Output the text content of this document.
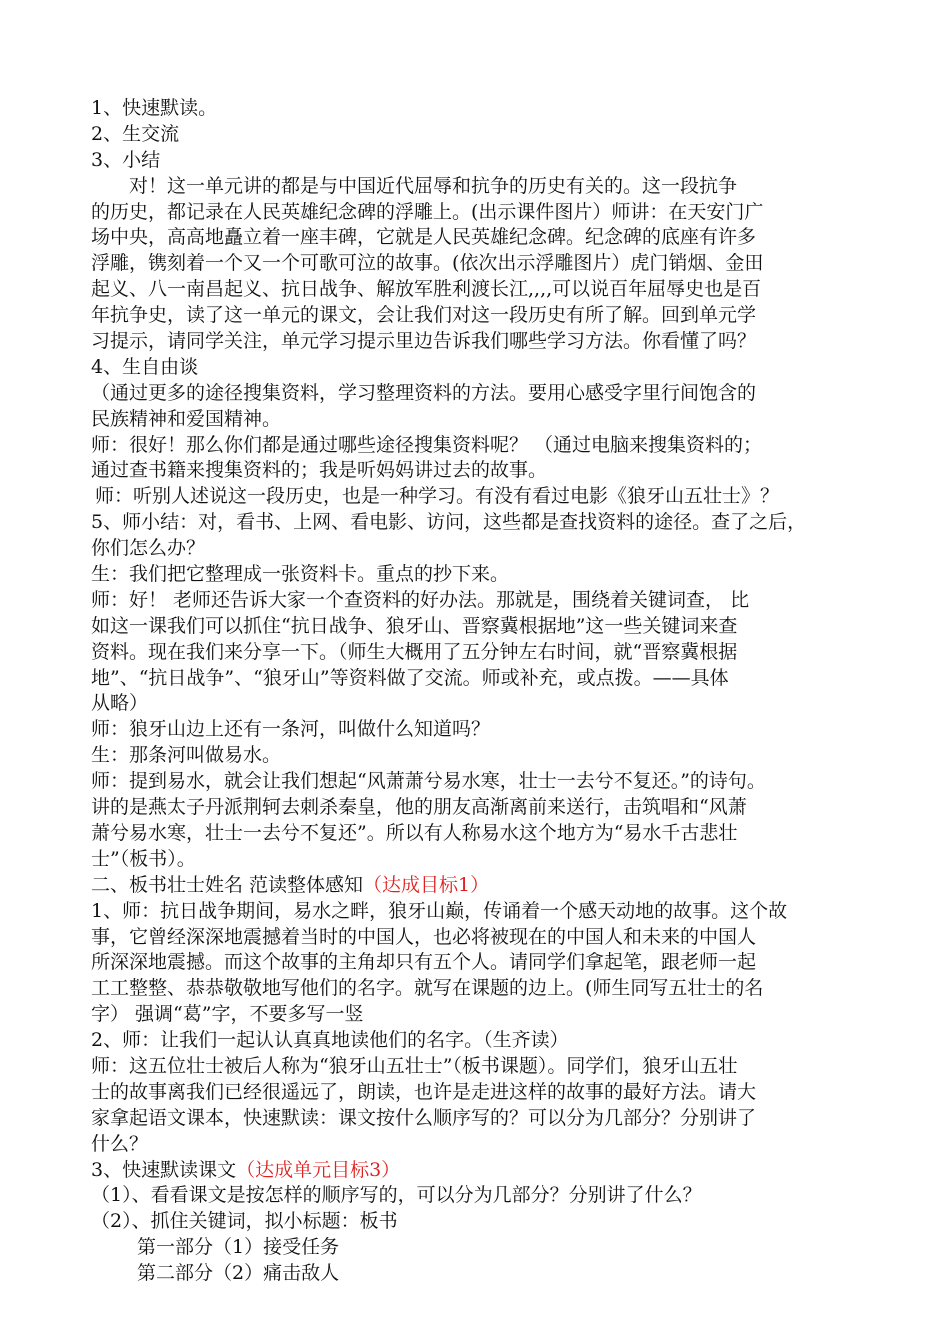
1、快速默读。
2、生交流
3、小结
对！这一单元讲的都是与中国近代屈辱和抗争的历史有关的。这一段抗争
的历史，都记录在人民英雄纪念碑的浮雕上。(出示课件图片）师讲：在天安门广
场中央，高高地矗立着一座丰碑，它就是人民英雄纪念碑。纪念碑的底座有许多
浮雕，镌刻着一个又一个可歌可泣的故事。(依次出示浮雕图片）虎门销烟、金田
起义、八一南昌起义、抗日战争、解放军胜利渡长江,,,,可以说百年屈辱史也是百
年抗争史，读了这一单元的课文，会让我们对这一段历史有所了解。回到单元学
习提示，请同学关注，单元学习提示里边告诉我们哪些学习方法。你看懂了吗？
4、生自由谈
（通过更多的途径搜集资料，学习整理资料的方法。要用心感受字里行间饱含的
民族精神和爱国精神。
师：很好！那么你们都是通过哪些途径搜集资料呢？ （通过电脑来搜集资料的；
通过查书籍来搜集资料的；我是听妈妈讲过去的故事。
师：听别人述说这一段历史，也是一种学习。有没有看过电影《狼牙山五壮士》？
5、师小结：对，看书、上网、看电影、访问，这些都是查找资料的途径。查了之后，
你们怎么办？
生：我们把它整理成一张资料卡。重点的抄下来。
师：好！ 老师还告诉大家一个查资料的好办法。那就是，围绕着关键词查， 比
如这一课我们可以抓住“抗日战争、狼牙山、晋察冀根据地”这一些关键词来查
资料。现在我们来分享一下。（师生大概用了五分钟左右时间，就“晋察冀根据
地”、“抗日战争”、“狼牙山”等资料做了交流。师或补充，或点拨。——具体
从略）
师：狼牙山边上还有一条河，叫做什么知道吗？
生：那条河叫做易水。
师：提到易水，就会让我们想起“风萧萧兮易水寒，壮士一去兮不复还。”的诗句。
讲的是燕太子丹派荆轲去刺杀秦皇，他的朋友高渐离前来送行，击筑唱和“风萧
萧兮易水寒，壮士一去兮不复还”。所以有人称易水这个地方为“易水千古悲壮
士”（板书）。
二、板书壮士姓名 范读整体感知（达成目标1）
1、师：抗日战争期间，易水之畔，狼牙山巅，传诵着一个感天动地的故事。这个故
事，它曾经深深地震撼着当时的中国人，也必将被现在的中国人和未来的中国人
所深深地震撼。而这个故事的主角却只有五个人。请同学们拿起笔，跟老师一起
工工整整、恭恭敬敬地写他们的名字。就写在课题的边上。(师生同写五壮士的名
字） 强调“葛”字，不要多写一竖
2、师：让我们一起认认真真地读他们的名字。（生齐读）
师：这五位壮士被后人称为“狼牙山五壮士”（板书课题）。同学们，狼牙山五壮
士的故事离我们已经很遥远了，朗读，也许是走进这样的故事的最好方法。请大
家拿起语文课本，快速默读：课文按什么顺序写的？可以分为几部分？分别讲了
什么？
3、快速默读课文（达成单元目标3）
（1）、看看课文是按怎样的顺序写的，可以分为几部分？分别讲了什么？
（2）、抓住关键词，拟小标题：板书
第一部分（1）接受任务
第二部分（2）痛击敌人
